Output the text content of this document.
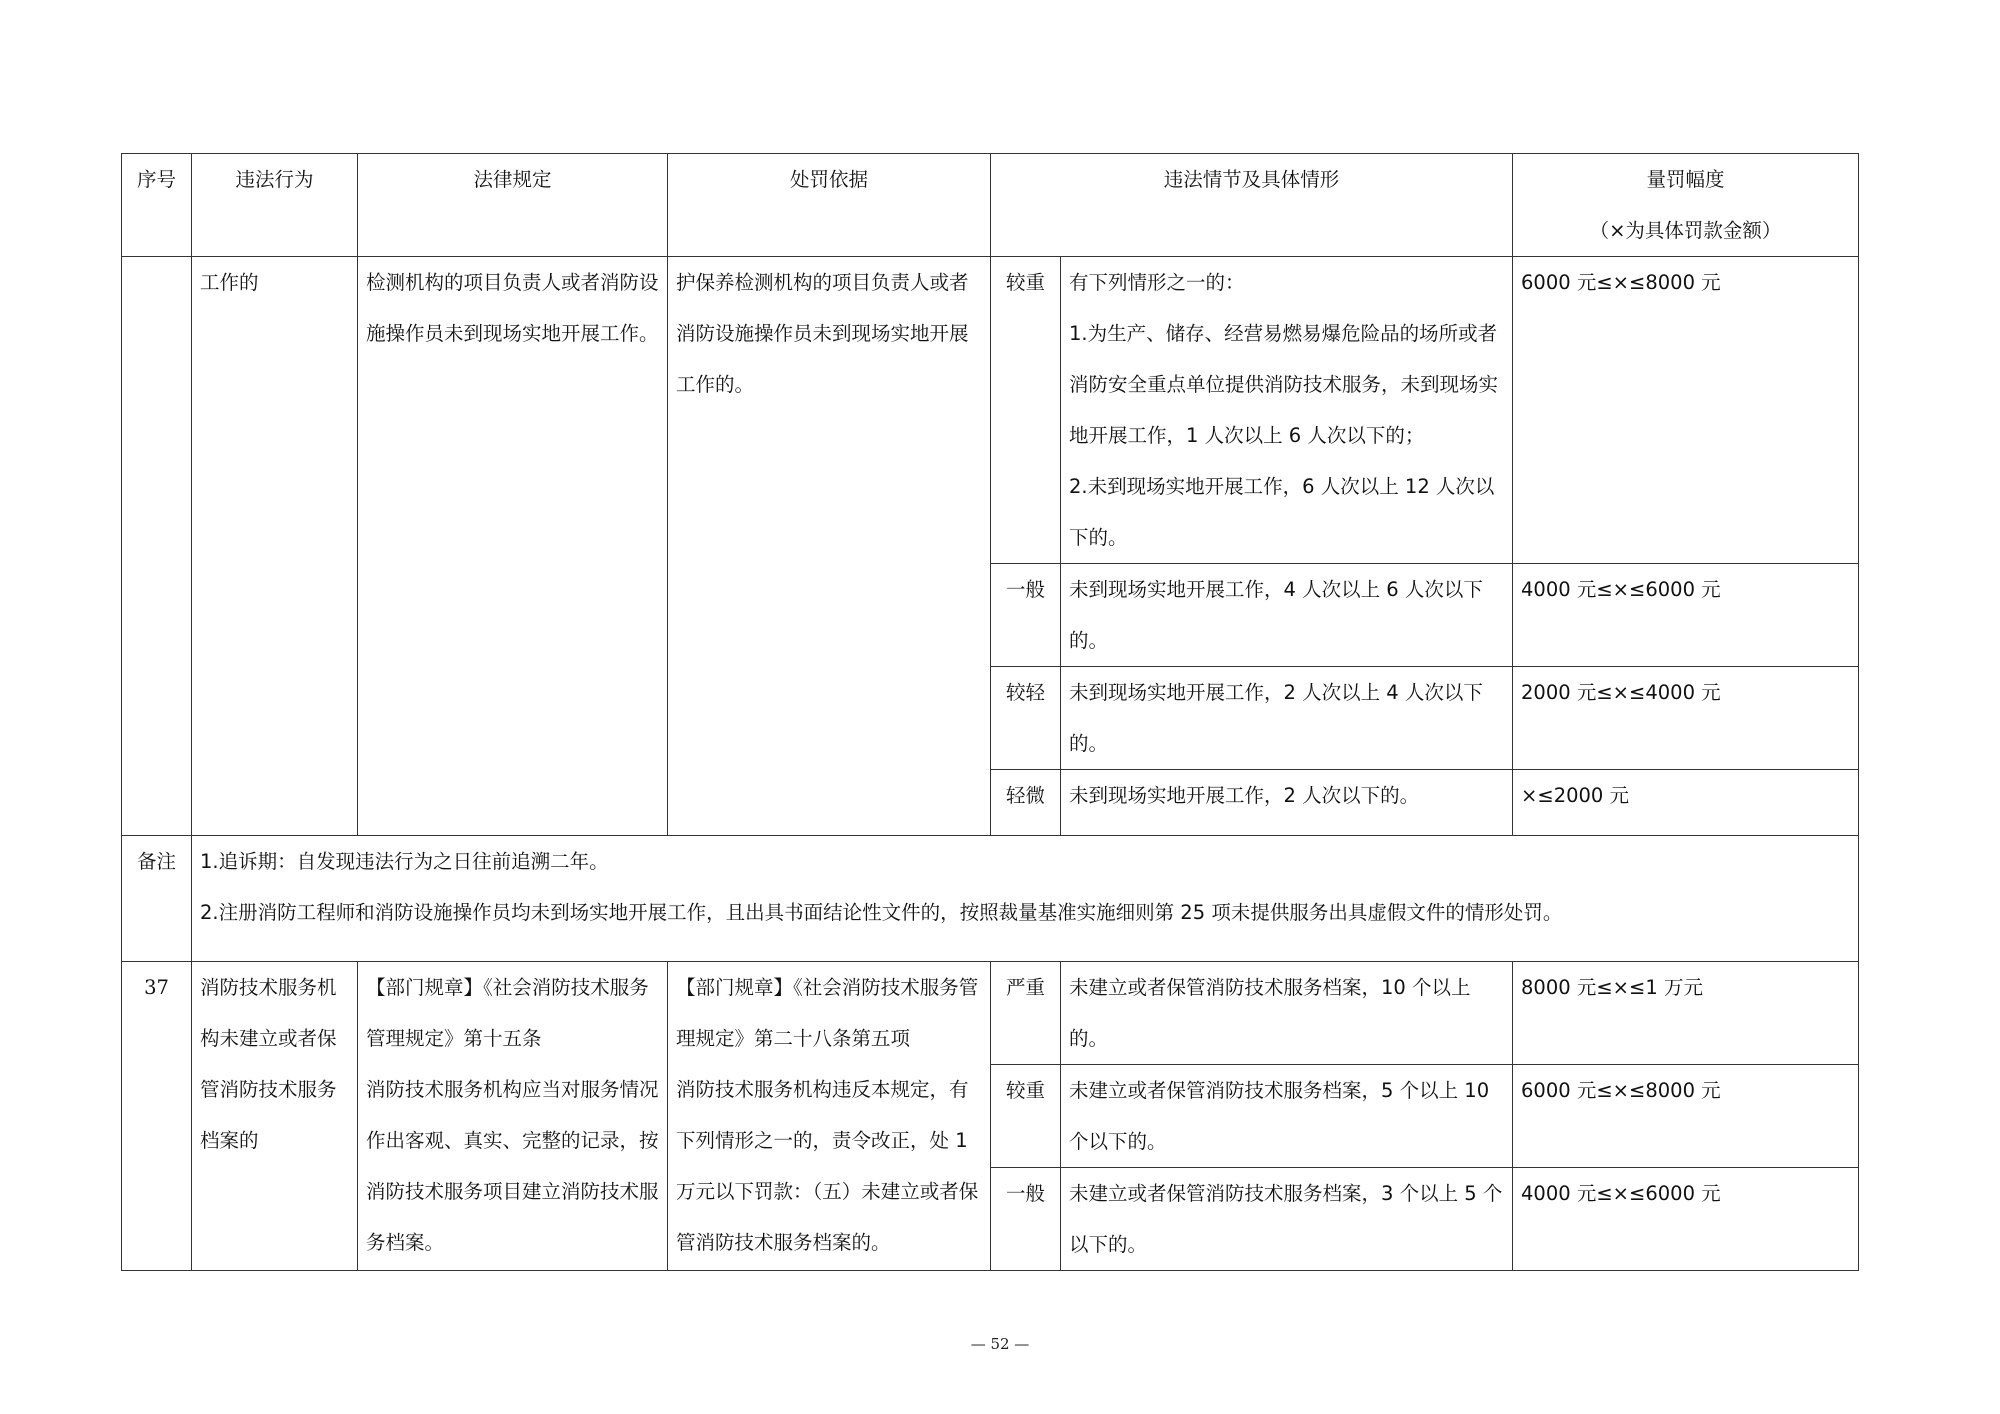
序号	违法行为	法律规定	处罚依据	违法情节及具体情形		量罚幅度
（×为具体罚款金额）

	工作的	检测机构的项目负责人或者消防设施操作员未到现场实地开展工作。	护保养检测机构的项目负责人或者消防设施操作员未到现场实地开展工作的。	较重	有下列情形之一的：
1.为生产、储存、经营易燃易爆危险品的场所或者消防安全重点单位提供消防技术服务，未到现场实地开展工作，1 人次以上 6 人次以下的；
2.未到现场实地开展工作，6 人次以上 12 人次以下的。	6000 元≤×≤8000 元
				一般	未到现场实地开展工作，4 人次以上 6 人次以下的。	4000 元≤×≤6000 元
				较轻	未到现场实地开展工作，2 人次以上 4 人次以下的。	2000 元≤×≤4000 元
				轻微	未到现场实地开展工作，2 人次以下的。	×≤2000 元
备注	1.追诉期：自发现违法行为之日往前追溯二年。
2.注册消防工程师和消防设施操作员均未到场实地开展工作，且出具书面结论性文件的，按照裁量基准实施细则第 25 项未提供服务出具虚假文件的情形处罚。					

37	消防技术服务机构未建立或者保管消防技术服务档案的	【部门规章】《社会消防技术服务管理规定》第十五条
消防技术服务机构应当对服务情况作出客观、真实、完整的记录，按消防技术服务项目建立消防技术服务档案。	【部门规章】《社会消防技术服务管理规定》第二十八条第五项
消防技术服务机构违反本规定，有下列情形之一的，责令改正，处 1 万元以下罚款：（五）未建立或者保管消防技术服务档案的。	严重	未建立或者保管消防技术服务档案，10 个以上的。	8000 元≤×≤1 万元
				较重	未建立或者保管消防技术服务档案，5 个以上 10 个以下的。	6000 元≤×≤8000 元
				一般	未建立或者保管消防技术服务档案，3 个以上 5 个以下的。	4000 元≤×≤6000 元
— 52 —
